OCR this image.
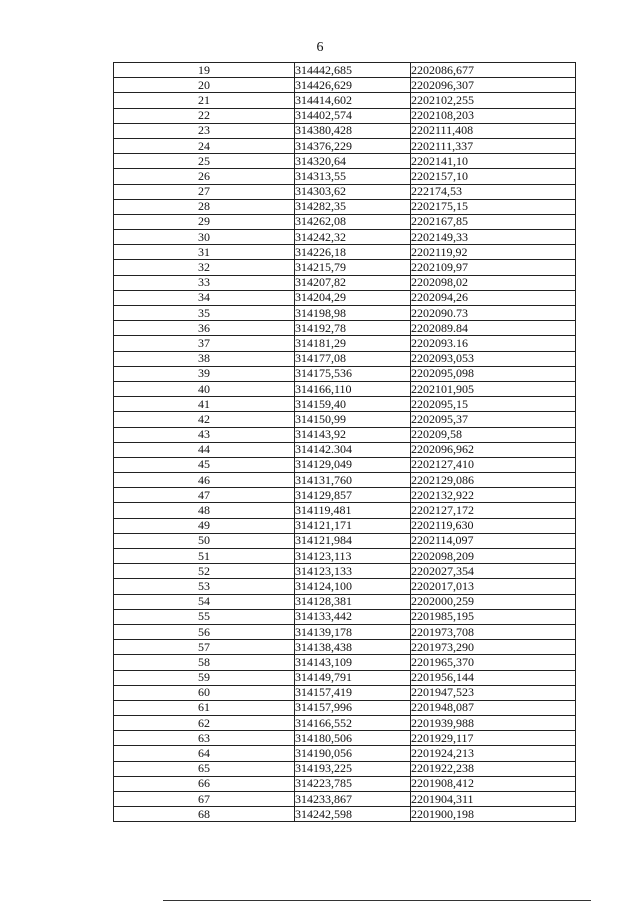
6
19	314442,685	2202086,677
20	314426,629	2202096,307
21	314414,602	2202102,255
22	314402,574	2202108,203
23	314380,428	2202111,408
24	314376,229	2202111,337
25	314320,64	2202141,10
26	314313,55	2202157,10
27	314303,62	222174,53
28	314282,35	2202175,15
29	314262,08	2202167,85
30	314242,32	2202149,33
31	314226,18	2202119,92
32	314215,79	2202109,97
33	314207,82	2202098,02
34	314204,29	2202094,26
35	314198,98	2202090.73
36	314192,78	2202089.84
37	314181,29	2202093.16
38	314177,08	2202093,053
39	314175,536	2202095,098
40	314166,110	2202101,905
41	314159,40	2202095,15
42	314150,99	2202095,37
43	314143,92	220209,58
44	314142.304	2202096,962
45	314129,049	2202127,410
46	314131,760	2202129,086
47	314129,857	2202132,922
48	314119,481	2202127,172
49	314121,171	2202119,630
50	314121,984	2202114,097
51	314123,113	2202098,209
52	314123,133	2202027,354
53	314124,100	2202017,013
54	314128,381	2202000,259
55	314133,442	2201985,195
56	314139,178	2201973,708
57	314138,438	2201973,290
58	314143,109	2201965,370
59	314149,791	2201956,144
60	314157,419	2201947,523
61	314157,996	2201948,087
62	314166,552	2201939,988
63	314180,506	2201929,117
64	314190,056	2201924,213
65	314193,225	2201922,238
66	314223,785	2201908,412
67	314233,867	2201904,311
68	314242,598	2201900,198
